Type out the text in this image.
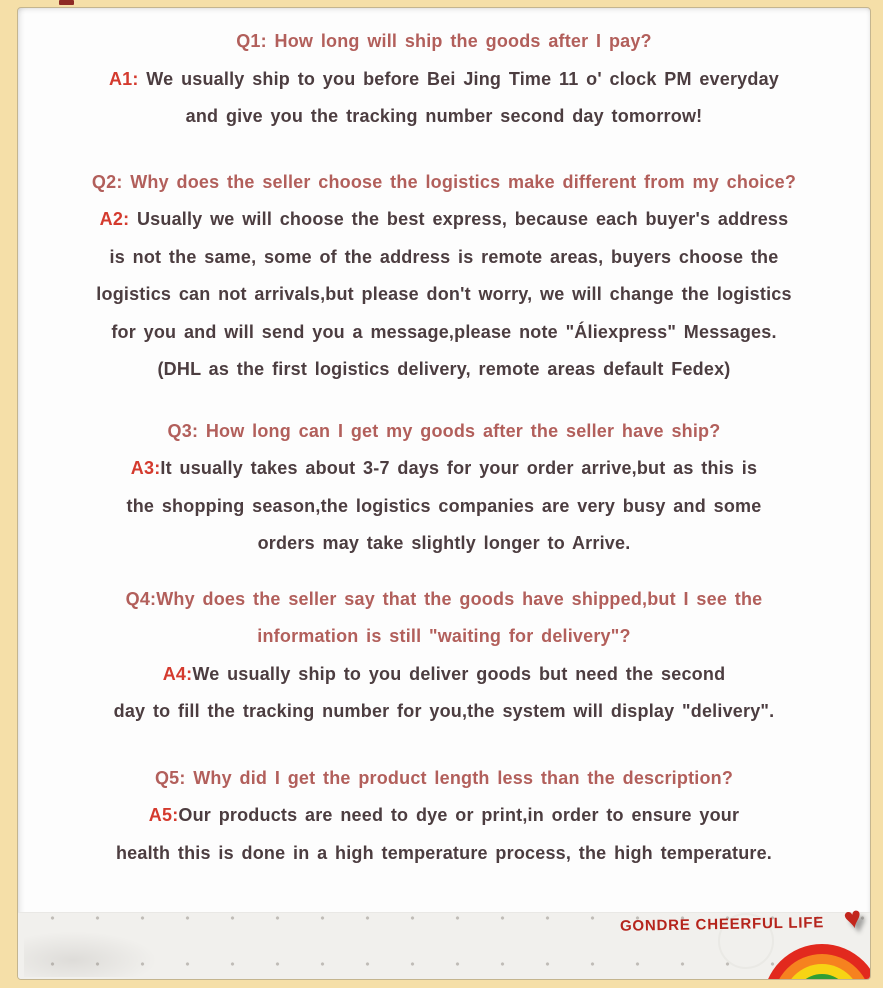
Q1: How long will ship the goods after I pay?
A1: We usually ship to you before Bei Jing Time 11 o' clock PM everyday
and give you the tracking number second day tomorrow!
Q2: Why does the seller choose the logistics make different from my choice?
A2: Usually we will choose the best express, because each buyer's address
is not the same, some of the address is remote areas, buyers choose the
logistics can not arrivals,but please don't worry, we will change the logistics
for you and will send you a message,please note "Áliexpress" Messages.
(DHL as the first logistics delivery, remote areas default Fedex)
Q3: How long can I get my goods after the seller have ship?
A3:It usually takes about 3-7 days for your order arrive,but as this is
the shopping season,the logistics companies are very busy and some
orders may take slightly longer to Arrive.
Q4:Why does the seller say that the goods have shipped,but I see the
information is still "waiting for delivery"?
A4:We usually ship to you deliver goods but need the second
day to fill the tracking number for you,the system will display "delivery".
Q5: Why did I get the product length less than the description?
A5:Our products are need to dye or print,in order to ensure your
health this is done in a high temperature process, the high temperature.
GONDRE CHEERFUL LIFE ♥
